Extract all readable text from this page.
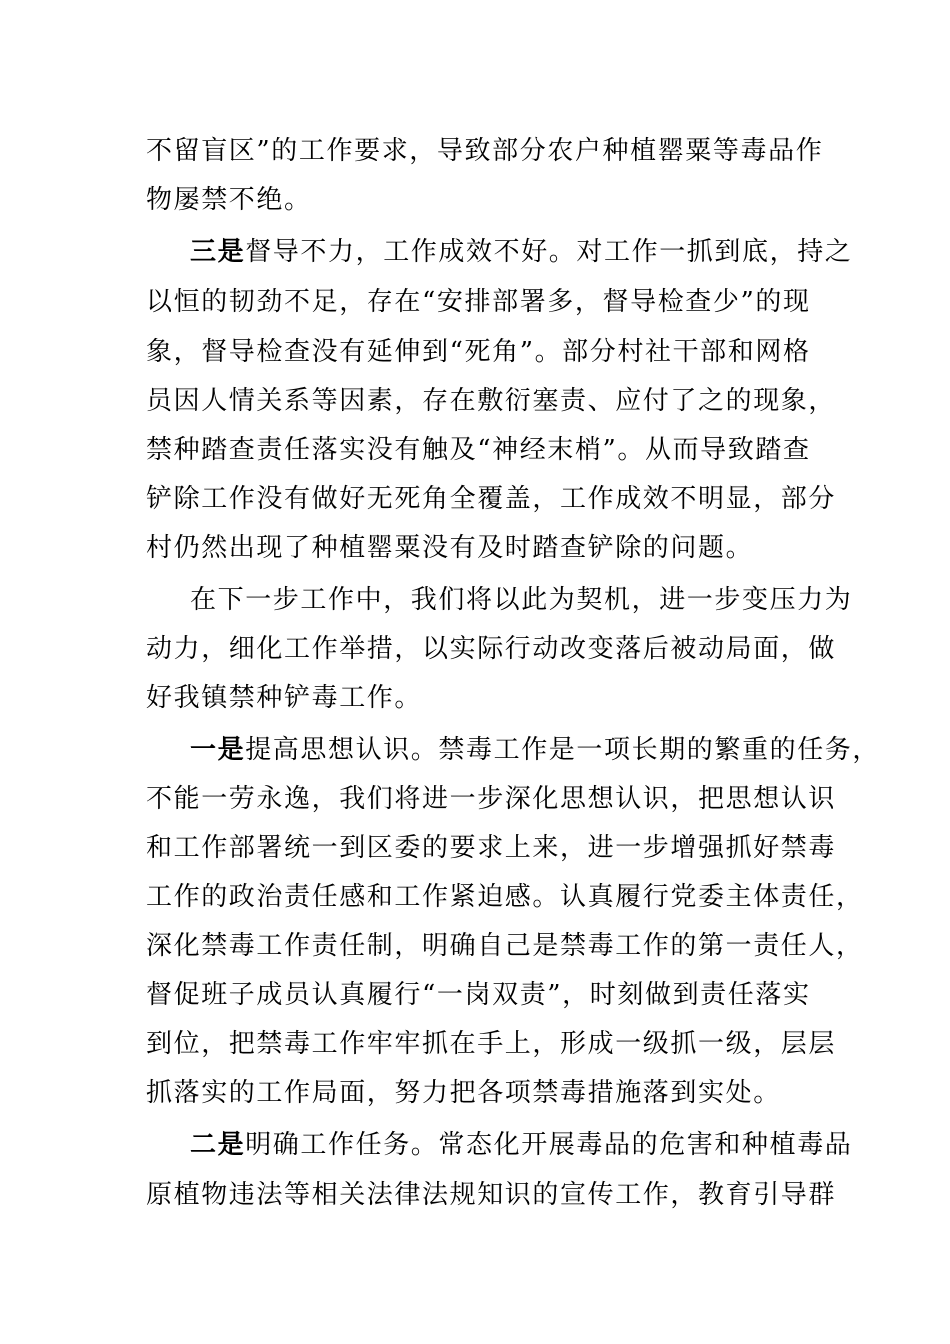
不留盲区”的工作要求，导致部分农户种植罂粟等毒品作
物屡禁不绝。
三是督导不力，工作成效不好。对工作一抓到底，持之
以恒的韧劲不足，存在“安排部署多，督导检查少”的现
象，督导检查没有延伸到“死角”。部分村社干部和网格
员因人情关系等因素，存在敷衍塞责、应付了之的现象，
禁种踏查责任落实没有触及“神经末梢”。从而导致踏查
铲除工作没有做好无死角全覆盖，工作成效不明显，部分
村仍然出现了种植罂粟没有及时踏查铲除的问题。
在下一步工作中，我们将以此为契机，进一步变压力为
动力，细化工作举措，以实际行动改变落后被动局面，做
好我镇禁种铲毒工作。
一是提高思想认识。禁毒工作是一项长期的繁重的任务，
不能一劳永逸，我们将进一步深化思想认识，把思想认识
和工作部署统一到区委的要求上来，进一步增强抓好禁毒
工作的政治责任感和工作紧迫感。认真履行党委主体责任，
深化禁毒工作责任制，明确自己是禁毒工作的第一责任人，
督促班子成员认真履行“一岗双责”，时刻做到责任落实
到位，把禁毒工作牢牢抓在手上，形成一级抓一级，层层
抓落实的工作局面，努力把各项禁毒措施落到实处。
二是明确工作任务。常态化开展毒品的危害和种植毒品
原植物违法等相关法律法规知识的宣传工作，教育引导群
